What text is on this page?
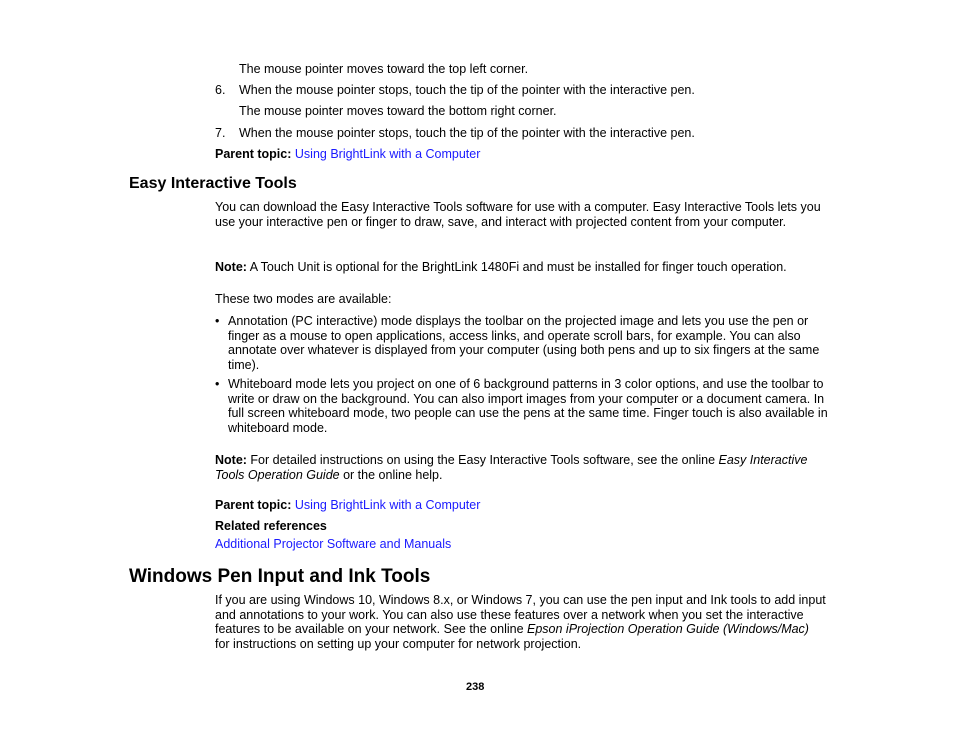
The mouse pointer moves toward the top left corner.
6. When the mouse pointer stops, touch the tip of the pointer with the interactive pen.
The mouse pointer moves toward the bottom right corner.
7. When the mouse pointer stops, touch the tip of the pointer with the interactive pen.
Parent topic: Using BrightLink with a Computer
Easy Interactive Tools
You can download the Easy Interactive Tools software for use with a computer. Easy Interactive Tools lets you use your interactive pen or finger to draw, save, and interact with projected content from your computer.
Note: A Touch Unit is optional for the BrightLink 1480Fi and must be installed for finger touch operation.
These two modes are available:
• Annotation (PC interactive) mode displays the toolbar on the projected image and lets you use the pen or finger as a mouse to open applications, access links, and operate scroll bars, for example. You can also annotate over whatever is displayed from your computer (using both pens and up to six fingers at the same time).
• Whiteboard mode lets you project on one of 6 background patterns in 3 color options, and use the toolbar to write or draw on the background. You can also import images from your computer or a document camera. In full screen whiteboard mode, two people can use the pens at the same time. Finger touch is also available in whiteboard mode.
Note: For detailed instructions on using the Easy Interactive Tools software, see the online Easy Interactive Tools Operation Guide or the online help.
Parent topic: Using BrightLink with a Computer
Related references
Additional Projector Software and Manuals
Windows Pen Input and Ink Tools
If you are using Windows 10, Windows 8.x, or Windows 7, you can use the pen input and Ink tools to add input and annotations to your work. You can also use these features over a network when you set the interactive features to be available on your network. See the online Epson iProjection Operation Guide (Windows/Mac) for instructions on setting up your computer for network projection.
238
